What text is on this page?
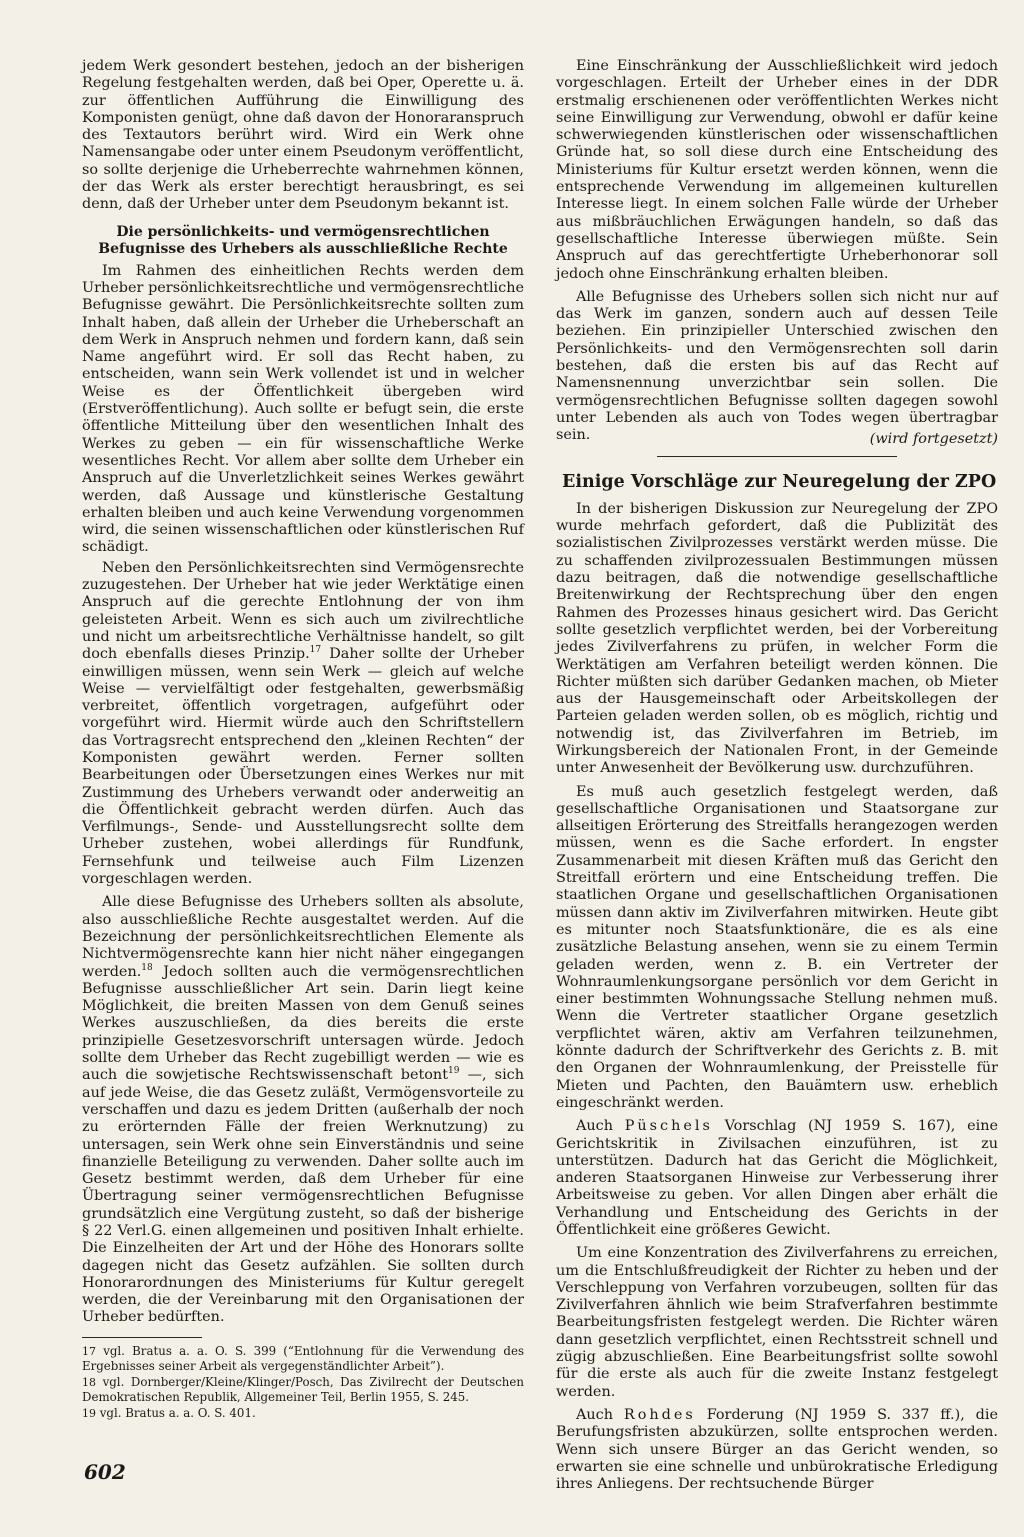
jedem Werk gesondert bestehen, jedoch an der bisherigen Regelung festgehalten werden, daß bei Oper, Operette u. ä. zur öffentlichen Aufführung die Einwilligung des Komponisten genügt, ohne daß davon der Honoraranspruch des Textautors berührt wird. Wird ein Werk ohne Namensangabe oder unter einem Pseudonym veröffentlicht, so sollte derjenige die Urheberrechte wahrnehmen können, der das Werk als erster berechtigt herausbringt, es sei denn, daß der Urheber unter dem Pseudonym bekannt ist.

Die persönlichkeits- und vermögensrechtlichen
Befugnisse des Urhebers als ausschließliche Rechte

Im Rahmen des einheitlichen Rechts werden dem Urheber persönlichkeitsrechtliche und vermögensrechtliche Befugnisse gewährt. Die Persönlichkeitsrechte sollten zum Inhalt haben, daß allein der Urheber die Urheberschaft an dem Werk in Anspruch nehmen und fordern kann, daß sein Name angeführt wird. Er soll das Recht haben, zu entscheiden, wann sein Werk vollendet ist und in welcher Weise es der Öffentlichkeit übergeben wird (Erstveröffentlichung). Auch sollte er befugt sein, die erste öffentliche Mitteilung über den wesentlichen Inhalt des Werkes zu geben — ein für wissenschaftliche Werke wesentliches Recht. Vor allem aber sollte dem Urheber ein Anspruch auf die Unverletzlichkeit seines Werkes gewährt werden, daß Aussage und künstlerische Gestaltung erhalten bleiben und auch keine Verwendung vorgenommen wird, die seinen wissenschaftlichen oder künstlerischen Ruf schädigt.

Neben den Persönlichkeitsrechten sind Vermögensrechte zuzugestehen. Der Urheber hat wie jeder Werktätige einen Anspruch auf die gerechte Entlohnung der von ihm geleisteten Arbeit. Wenn es sich auch um zivilrechtliche und nicht um arbeitsrechtliche Verhältnisse handelt, so gilt doch ebenfalls dieses Prinzip.$^{17}$ Daher sollte der Urheber einwilligen müssen, wenn sein Werk — gleich auf welche Weise — vervielfältigt oder festgehalten, gewerbsmäßig verbreitet, öffentlich vorgetragen, aufgeführt oder vorgeführt wird. Hiermit würde auch den Schriftstellern das Vortragsrecht entsprechend den „kleinen Rechten“ der Komponisten gewährt werden. Ferner sollten Bearbeitungen oder Übersetzungen eines Werkes nur mit Zustimmung des Urhebers verwandt oder anderweitig an die Öffentlichkeit gebracht werden dürfen. Auch das Verfilmungs-, Sende- und Ausstellungsrecht sollte dem Urheber zustehen, wobei allerdings für Rundfunk, Fernsehfunk und teilweise auch Film Lizenzen vorgeschlagen werden.

Alle diese Befugnisse des Urhebers sollten als absolute, also ausschließliche Rechte ausgestaltet werden. Auf die Bezeichnung der persönlichkeitsrechtlichen Elemente als Nichtvermögensrechte kann hier nicht näher eingegangen werden.$^{18}$ Jedoch sollten auch die vermögensrechtlichen Befugnisse ausschließlicher Art sein. Darin liegt keine Möglichkeit, die breiten Massen von dem Genuß seines Werkes auszuschließen, da dies bereits die erste prinzipielle Gesetzesvorschrift untersagen würde. Jedoch sollte dem Urheber das Recht zugebilligt werden — wie es auch die sowjetische Rechtswissenschaft betont$^{19}$ —, sich auf jede Weise, die das Gesetz zuläßt, Vermögensvorteile zu verschaffen und dazu es jedem Dritten (außerhalb der noch zu erörternden Fälle der freien Werknutzung) zu untersagen, sein Werk ohne sein Einverständnis und seine finanzielle Beteiligung zu verwenden. Daher sollte auch im Gesetz bestimmt werden, daß dem Urheber für eine Übertragung seiner vermögensrechtlichen Befugnisse grundsätzlich eine Vergütung zusteht, so daß der bisherige § 22 Verl.G. einen allgemeinen und positiven Inhalt erhielte. Die Einzelheiten der Art und der Höhe des Honorars sollte dagegen nicht das Gesetz aufzählen. Sie sollten durch Honorarordnungen des Ministeriums für Kultur geregelt werden, die der Vereinbarung mit den Organisationen der Urheber bedürften.

17 vgl. Bratus a. a. O. S. 399 (“Entlohnung für die Verwendung des Ergebnisses seiner Arbeit als vergegenständlichter Arbeit”).

18 vgl. Dornberger/Kleine/Klinger/Posch, Das Zivilrecht der Deutschen Demokratischen Republik, Allgemeiner Teil, Berlin 1955, S. 245.

19 vgl. Bratus a. a. O. S. 401.

Eine Einschränkung der Ausschließlichkeit wird jedoch vorgeschlagen. Erteilt der Urheber eines in der DDR erstmalig erschienenen oder veröffentlichten Werkes nicht seine Einwilligung zur Verwendung, obwohl er dafür keine schwerwiegenden künstlerischen oder wissenschaftlichen Gründe hat, so soll diese durch eine Entscheidung des Ministeriums für Kultur ersetzt werden können, wenn die entsprechende Verwendung im allgemeinen kulturellen Interesse liegt. In einem solchen Falle würde der Urheber aus mißbräuchlichen Erwägungen handeln, so daß das gesellschaftliche Interesse überwiegen müßte. Sein Anspruch auf das gerechtfertigte Urheberhonorar soll jedoch ohne Einschränkung erhalten bleiben.

Alle Befugnisse des Urhebers sollen sich nicht nur auf das Werk im ganzen, sondern auch auf dessen Teile beziehen. Ein prinzipieller Unterschied zwischen den Persönlichkeits- und den Vermögensrechten soll darin bestehen, daß die ersten bis auf das Recht auf Namensnennung unverzichtbar sein sollen. Die vermögensrechtlichen Befugnisse sollten dagegen sowohl unter Lebenden als auch von Todes wegen übertragbar sein.	(wird fortgesetzt)

Einige Vorschläge zur Neuregelung der ZPO

In der bisherigen Diskussion zur Neuregelung der ZPO wurde mehrfach gefordert, daß die Publizität des sozialistischen Zivilprozesses verstärkt werden müsse. Die zu schaffenden zivilprozessualen Bestimmungen müssen dazu beitragen, daß die notwendige gesellschaftliche Breitenwirkung der Rechtsprechung über den engen Rahmen des Prozesses hinaus gesichert wird. Das Gericht sollte gesetzlich verpflichtet werden, bei der Vorbereitung jedes Zivilverfahrens zu prüfen, in welcher Form die Werktätigen am Verfahren beteiligt werden können. Die Richter müßten sich darüber Gedanken machen, ob Mieter aus der Hausgemeinschaft oder Arbeitskollegen der Parteien geladen werden sollen, ob es möglich, richtig und notwendig ist, das Zivilverfahren im Betrieb, im Wirkungsbereich der Nationalen Front, in der Gemeinde unter Anwesenheit der Bevölkerung usw. durchzuführen.

Es muß auch gesetzlich festgelegt werden, daß gesellschaftliche Organisationen und Staatsorgane zur allseitigen Erörterung des Streitfalls herangezogen werden müssen, wenn es die Sache erfordert. In engster Zusammenarbeit mit diesen Kräften muß das Gericht den Streitfall erörtern und eine Entscheidung treffen. Die staatlichen Organe und gesellschaftlichen Organisationen müssen dann aktiv im Zivilverfahren mitwirken. Heute gibt es mitunter noch Staatsfunktionäre, die es als eine zusätzliche Belastung ansehen, wenn sie zu einem Termin geladen werden, wenn z. B. ein Vertreter der Wohnraumlenkungsorgane persönlich vor dem Gericht in einer bestimmten Wohnungssache Stellung nehmen muß. Wenn die Vertreter staatlicher Organe gesetzlich verpflichtet wären, aktiv am Verfahren teilzunehmen, könnte dadurch der Schriftverkehr des Gerichts z. B. mit den Organen der Wohnraumlenkung, der Preisstelle für Mieten und Pachten, den Bauämtern usw. erheblich eingeschränkt werden.

Auch Püschels Vorschlag (NJ 1959 S. 167), eine Gerichtskritik in Zivilsachen einzuführen, ist zu unterstützen. Dadurch hat das Gericht die Möglichkeit, anderen Staatsorganen Hinweise zur Verbesserung ihrer Arbeitsweise zu geben. Vor allen Dingen aber erhält die Verhandlung und Entscheidung des Gerichts in der Öffentlichkeit eine größeres Gewicht.

Um eine Konzentration des Zivilverfahrens zu erreichen, um die Entschlußfreudigkeit der Richter zu heben und der Verschleppung von Verfahren vorzubeugen, sollten für das Zivilverfahren ähnlich wie beim Strafverfahren bestimmte Bearbeitungsfristen festgelegt werden. Die Richter wären dann gesetzlich verpflichtet, einen Rechtsstreit schnell und zügig abzuschließen. Eine Bearbeitungsfrist sollte sowohl für die erste als auch für die zweite Instanz festgelegt werden.

Auch Rohdes Forderung (NJ 1959 S. 337 ff.), die Berufungsfristen abzukürzen, sollte entsprochen werden. Wenn sich unsere Bürger an das Gericht wenden, so erwarten sie eine schnelle und unbürokratische Erledigung ihres Anliegens. Der rechtsuchende Bürger

602
